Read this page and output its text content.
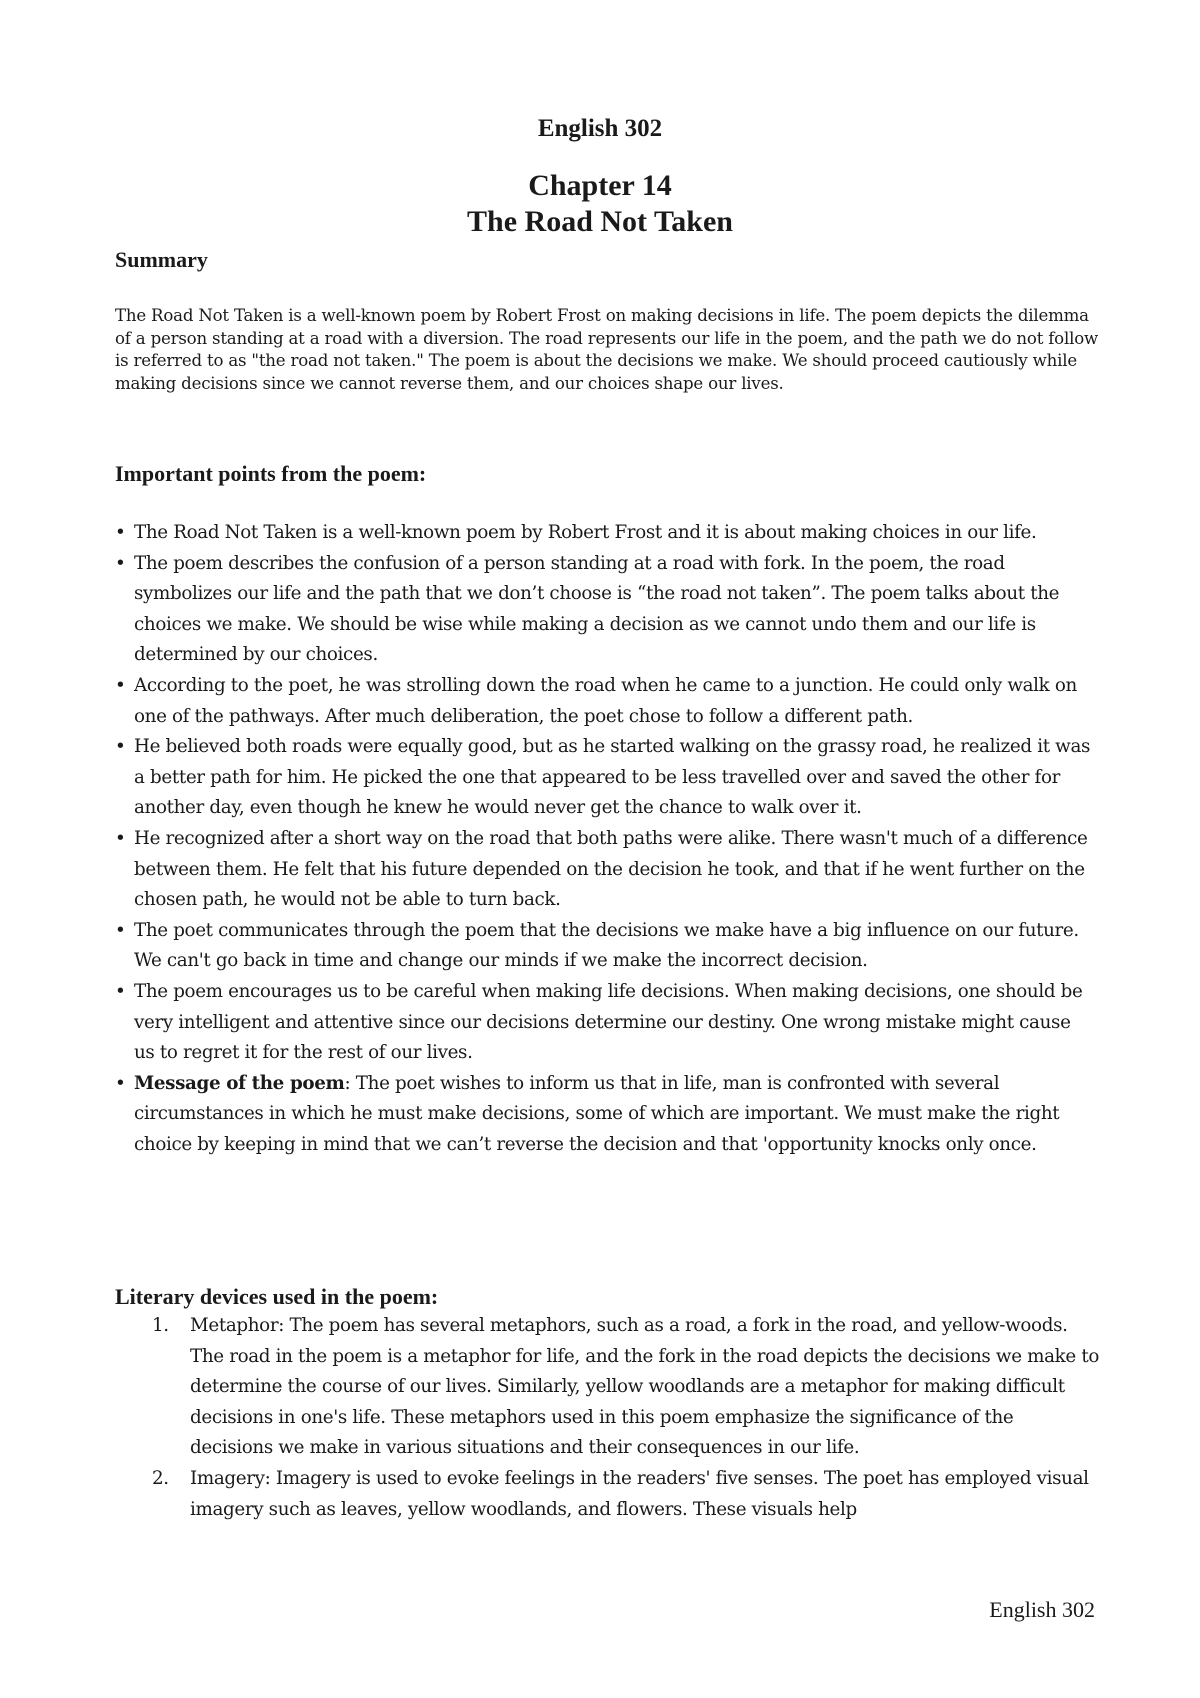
English 302
Chapter 14
The Road Not Taken
Summary
The Road Not Taken is a well-known poem by Robert Frost on making decisions in life. The poem depicts the dilemma of a person standing at a road with a diversion. The road represents our life in the poem, and the path we do not follow is referred to as "the road not taken." The poem is about the decisions we make. We should proceed cautiously while making decisions since we cannot reverse them, and our choices shape our lives.
Important points from the poem:
• The Road Not Taken is a well-known poem by Robert Frost and it is about making choices in our life.
• The poem describes the confusion of a person standing at a road with fork. In the poem, the road symbolizes our life and the path that we don’t choose is “the road not taken”. The poem talks about the choices we make. We should be wise while making a decision as we cannot undo them and our life is determined by our choices.
• According to the poet, he was strolling down the road when he came to a junction. He could only walk on one of the pathways. After much deliberation, the poet chose to follow a different path.
• He believed both roads were equally good, but as he started walking on the grassy road, he realized it was a better path for him. He picked the one that appeared to be less travelled over and saved the other for another day, even though he knew he would never get the chance to walk over it.
• He recognized after a short way on the road that both paths were alike. There wasn't much of a difference between them. He felt that his future depended on the decision he took, and that if he went further on the chosen path, he would not be able to turn back.
• The poet communicates through the poem that the decisions we make have a big influence on our future. We can't go back in time and change our minds if we make the incorrect decision.
• The poem encourages us to be careful when making life decisions. When making decisions, one should be very intelligent and attentive since our decisions determine our destiny. One wrong mistake might cause us to regret it for the rest of our lives.
• Message of the poem: The poet wishes to inform us that in life, man is confronted with several circumstances in which he must make decisions, some of which are important. We must make the right choice by keeping in mind that we can’t reverse the decision and that 'opportunity knocks only once.
Literary devices used in the poem:
1. Metaphor: The poem has several metaphors, such as a road, a fork in the road, and yellow-woods. The road in the poem is a metaphor for life, and the fork in the road depicts the decisions we make to determine the course of our lives. Similarly, yellow woodlands are a metaphor for making difficult decisions in one's life. These metaphors used in this poem emphasize the significance of the decisions we make in various situations and their consequences in our life.
2. Imagery: Imagery is used to evoke feelings in the readers' five senses. The poet has employed visual imagery such as leaves, yellow woodlands, and flowers. These visuals help
English 302
